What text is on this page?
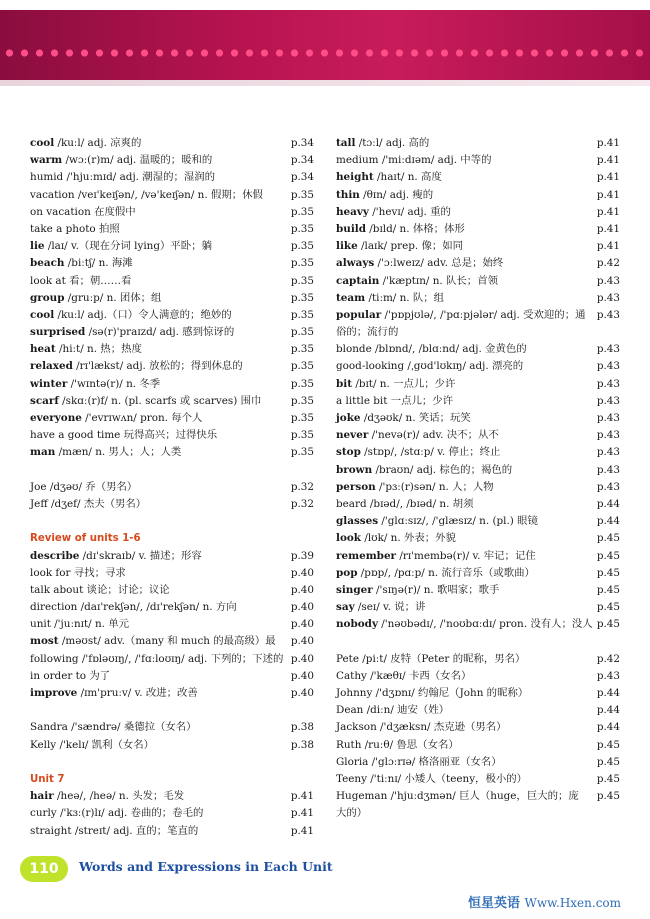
cool /kuːl/ adj. 凉爽的	p.34
warm /wɔː(r)m/ adj. 温暖的；暖和的	p.34
humid /'hjuːmɪd/ adj. 潮湿的；湿润的	p.34
vacation /veɪ'keɪʃən/, /və'keɪʃən/ n. 假期；休假	p.35
on vacation 在度假中	p.35
take a photo 拍照	p.35
lie /laɪ/ v.（现在分词 lying）平卧；躺	p.35
beach /biːtʃ/ n. 海滩	p.35
look at 看；朝……看	p.35
group /gruːp/ n. 团体；组	p.35
cool /kuːl/ adj.（口）令人满意的；绝妙的	p.35
surprised /sə(r)'praɪzd/ adj. 感到惊讶的	p.35
heat /hiːt/ n. 热；热度	p.35
relaxed /rɪ'lækst/ adj. 放松的；得到休息的	p.35
winter /'wɪntə(r)/ n. 冬季	p.35
scarf /skɑː(r)f/ n. (pl. scarfs 或 scarves) 围巾	p.35
everyone /'evrɪwʌn/ pron. 每个人	p.35
have a good time 玩得高兴；过得快乐	p.35
man /mæn/ n. 男人；人；人类	p.35
Joe /dʒəʊ/ 乔（男名）	p.32
Jeff /dʒef/ 杰夫（男名）	p.32
Review of units 1-6
describe /dɪ'skraɪb/ v. 描述；形容	p.39
look for 寻找；寻求	p.40
talk about 谈论；讨论；议论	p.40
direction /daɪ'rekʃən/, /dɪ'rekʃən/ n. 方向	p.40
unit /'juːnɪt/ n. 单元	p.40
most /məʊst/ adv.（many 和 much 的最高级）最 p.40
following /'fɒləʊɪŋ/, /'fɑːloʊɪŋ/ adj. 下列的；下述的 p.40
in order to 为了	p.40
improve /ɪm'pruːv/ v. 改进；改善	p.40
Sandra /'sændrə/ 桑德拉（女名）	p.38
Kelly /'kelɪ/ 凯利（女名）	p.38
Unit 7
hair /heə/, /heə/ n. 头发；毛发	p.41
curly /'kɜː(r)lɪ/ adj. 卷曲的；卷毛的	p.41
straight /streɪt/ adj. 直的；笔直的	p.41
tall /tɔːl/ adj. 高的	p.41
medium /'miːdɪəm/ adj. 中等的	p.41
height /haɪt/ n. 高度	p.41
thin /θɪn/ adj. 瘦的	p.41
heavy /'hevɪ/ adj. 重的	p.41
build /bɪld/ n. 体格；体形	p.41
like /laɪk/ prep. 像；如同	p.41
always /'ɔːlweɪz/ adv. 总是；始终	p.42
captain /'kæptɪn/ n. 队长；首领	p.43
team /tiːm/ n. 队；组	p.43
popular /'pɒpjʊlə/, /'pɑːpjələr/ adj. 受欢迎的；通俗的；流行的
p.43
blonde /blɒnd/, /blɑːnd/ adj. 金黄色的	p.43
good-looking /ˌgʊd'lʊkɪŋ/ adj. 漂亮的	p.43
bit /bɪt/ n. 一点儿；少许	p.43
a little bit 一点儿；少许	p.43
joke /dʒəʊk/ n. 笑话；玩笑	p.43
never /'nevə(r)/ adv. 决不；从不	p.43
stop /stɒp/, /stɑːp/ v. 停止；终止	p.43
brown /braʊn/ adj. 棕色的；褐色的	p.43
person /'pɜː(r)sən/ n. 人；人物	p.43
beard /bɪəd/, /bɪəd/ n. 胡须	p.44
glasses /'glɑːsɪz/, /'glæsɪz/ n. (pl.) 眼镜	p.44
look /lʊk/ n. 外表；外貌	p.45
remember /rɪ'membə(r)/ v. 牢记；记住	p.45
pop /pɒp/, /pɑːp/ n. 流行音乐（或歌曲）	p.45
singer /'sɪŋə(r)/ n. 歌唱家；歌手	p.45
say /seɪ/ v. 说；讲	p.45
nobody /'nəʊbədɪ/, /'noʊbɑːdɪ/ pron. 没有人；没人 p.45
Pete /piːt/ 皮特（Peter 的昵称，男名）	p.42
Cathy /'kæθɪ/ 卡西（女名）	p.43
Johnny /'dʒɒnɪ/ 约翰尼（John 的昵称）	p.44
Dean /diːn/ 迪安（姓）	p.44
Jackson /'dʒæksn/ 杰克逊（男名）	p.44
Ruth /ruːθ/ 鲁思（女名）	p.45
Gloria /'glɔːrɪə/ 格洛丽亚（女名）	p.45
Teeny /'tiːnɪ/ 小矮人（teeny，极小的）	p.45
Hugeman /'hjuːdʒmən/ 巨人（huge，巨大的；庞大的）
p.45
110	Words and Expressions in Each Unit
恒星英语 Www.Hxen.com
